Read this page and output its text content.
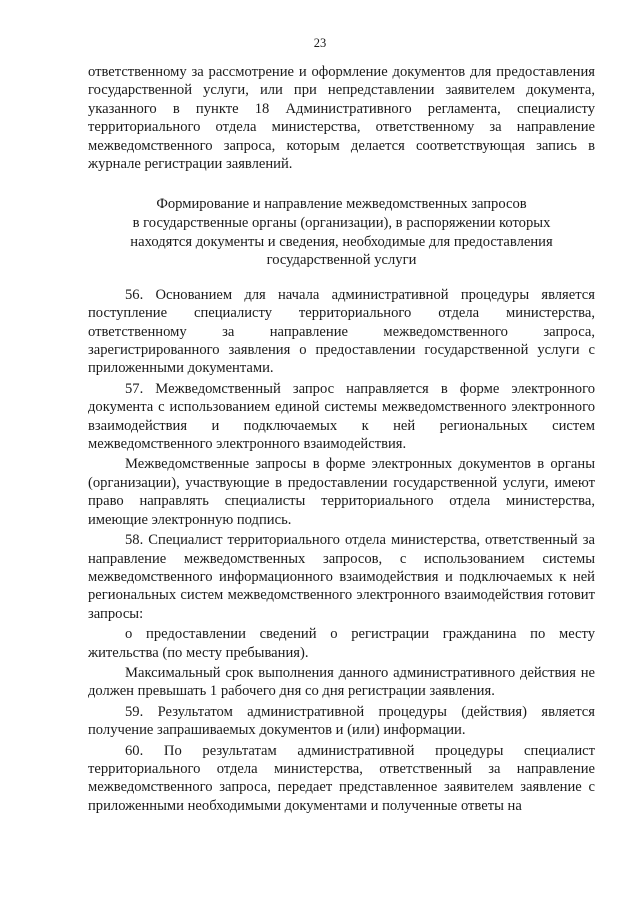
23

ответственному за рассмотрение и оформление документов для предоставления государственной услуги, или при непредставлении заявителем документа, указанного в пункте 18 Административного регламента, специалисту территориального отдела министерства, ответственному за направление межведомственного запроса, которым делается соответствующая запись в журнале регистрации заявлений.

Формирование и направление межведомственных запросов
в государственные органы (организации), в распоряжении которых
находятся документы и сведения, необходимые для предоставления
государственной услуги

56. Основанием для начала административной процедуры является поступление специалисту территориального отдела министерства, ответственному за направление межведомственного запроса, зарегистрированного заявления о предоставлении государственной услуги с приложенными документами.

57. Межведомственный запрос направляется в форме электронного документа с использованием единой системы межведомственного электронного взаимодействия и подключаемых к ней региональных систем межведомственного электронного взаимодействия.

Межведомственные запросы в форме электронных документов в органы (организации), участвующие в предоставлении государственной услуги, имеют право направлять специалисты территориального отдела министерства, имеющие электронную подпись.

58. Специалист территориального отдела министерства, ответственный за направление межведомственных запросов, с использованием системы межведомственного информационного взаимодействия и подключаемых к ней региональных систем межведомственного электронного взаимодействия готовит запросы:

о предоставлении сведений о регистрации гражданина по месту жительства (по месту пребывания).

Максимальный срок выполнения данного административного действия не должен превышать 1 рабочего дня со дня регистрации заявления.

59. Результатом административной процедуры (действия) является получение запрашиваемых документов и (или) информации.

60. По результатам административной процедуры специалист территориального отдела министерства, ответственный за направление межведомственного запроса, передает представленное заявителем заявление с приложенными необходимыми документами и полученные ответы на
